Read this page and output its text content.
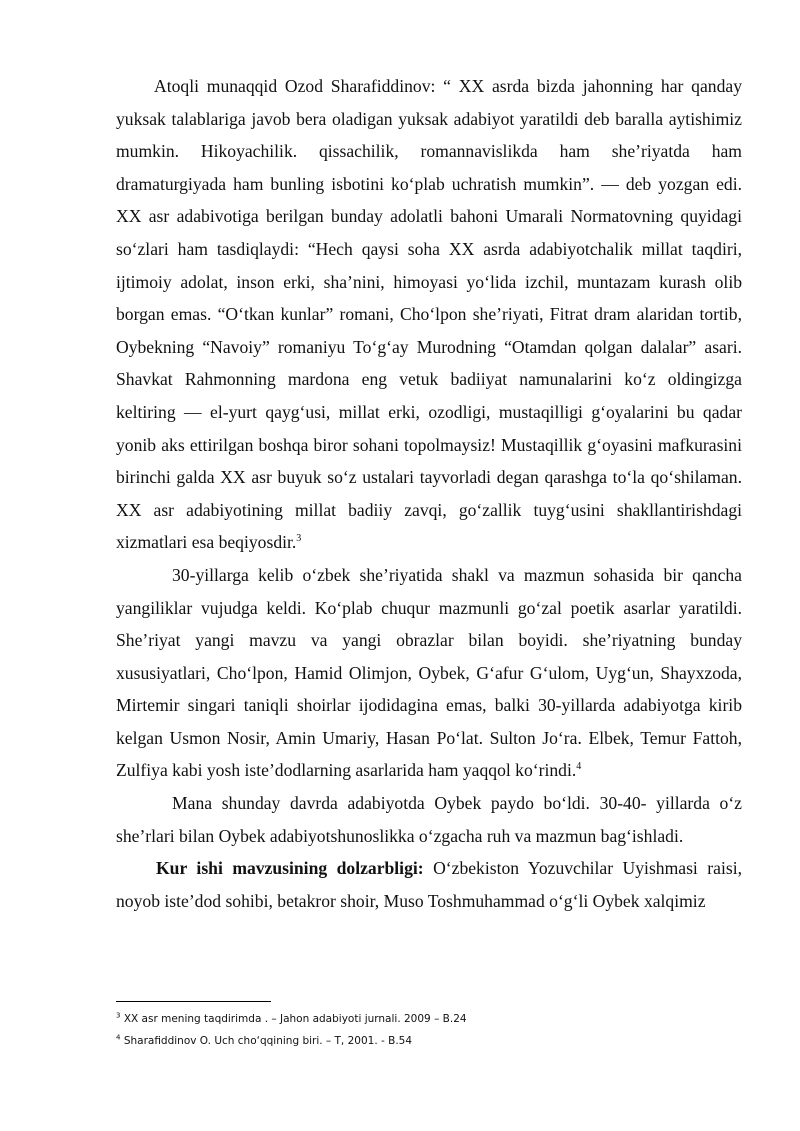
Atoqli munaqqid Ozod Sharafiddinov: “ XX asrda bizda jahonning har qanday yuksak talablariga javob bera oladigan yuksak adabiyot yaratildi deb baralla aytishimiz mumkin. Hikoyachilik. qissachilik, romannavislikda ham she’riyatda ham dramaturgiyada ham bunling isbotini ko‘plab uchratish mumkin”. — deb yozgan edi. XX asr adabivotiga berilgan bunday adolatli bahoni Umarali Normatovning quyidagi so‘zlari ham tasdiqlaydi: “Hech qaysi soha XX asrda adabiyotchalik millat taqdiri, ijtimoiy adolat, inson erki, sha’nini, himoyasi yo‘lida izchil, muntazam kurash olib borgan emas. “O‘tkan kunlar” romani, Cho‘lpon she’riyati, Fitrat dram alaridan tortib, Oybekning “Navoiy” romaniyu To‘g‘ay Murodning “Otamdan qolgan dalalar” asari. Shavkat Rahmonning mardona eng vetuk badiiyat namunalarini ko‘z oldingizga keltiring — el-yurt qayg‘usi, millat erki, ozodligi, mustaqilligi g‘oyalarini bu qadar yonib aks ettirilgan boshqa biror sohani topolmaysiz! Mustaqillik g‘oyasini mafkurasini birinchi galda XX asr buyuk so‘z ustalari tayvorladi degan qarashga to‘la qo‘shilaman. XX asr adabiyotining millat badiiy zavqi, go‘zallik tuyg‘usini shakllantirishdagi xizmatlari esa beqiyosdir.$^3$

30-yillarga kelib o‘zbek she’riyatida shakl va mazmun sohasida bir qancha yangiliklar vujudga keldi. Ko‘plab chuqur mazmunli go‘zal poetik asarlar yaratildi. She’riyat yangi mavzu va yangi obrazlar bilan boyidi. she’riyatning bunday xususiyatlari, Cho‘lpon, Hamid Olimjon, Oybek, G‘afur G‘ulom, Uyg‘un, Shayxzoda, Mirtemir singari taniqli shoirlar ijodidagina emas, balki 30-yillarda adabiyotga kirib kelgan Usmon Nosir, Amin Umariy, Hasan Po‘lat. Sulton Jo‘ra. Elbek, Temur Fattoh, Zulfiya kabi yosh iste’dodlarning asarlarida ham yaqqol ko‘rindi.$^4$

Mana shunday davrda adabiyotda Oybek paydo bo‘ldi. 30-40- yillarda o‘z she’rlari bilan Oybek adabiyotshunoslikka o‘zgacha ruh va mazmun bag‘ishladi.

Kur ishi mavzusining dolzarbligi: O‘zbekiston Yozuvchilar Uyishmasi raisi, noyob iste’dod sohibi, betakror shoir, Muso Toshmuhammad o‘g‘li Oybek xalqimiz

$^3$ XX asr mening taqdirimda . – Jahon adabiyoti jurnali. 2009 – B.24

$^4$ Sharafiddinov O. Uch cho‘qqining biri. – T, 2001. - B.54
